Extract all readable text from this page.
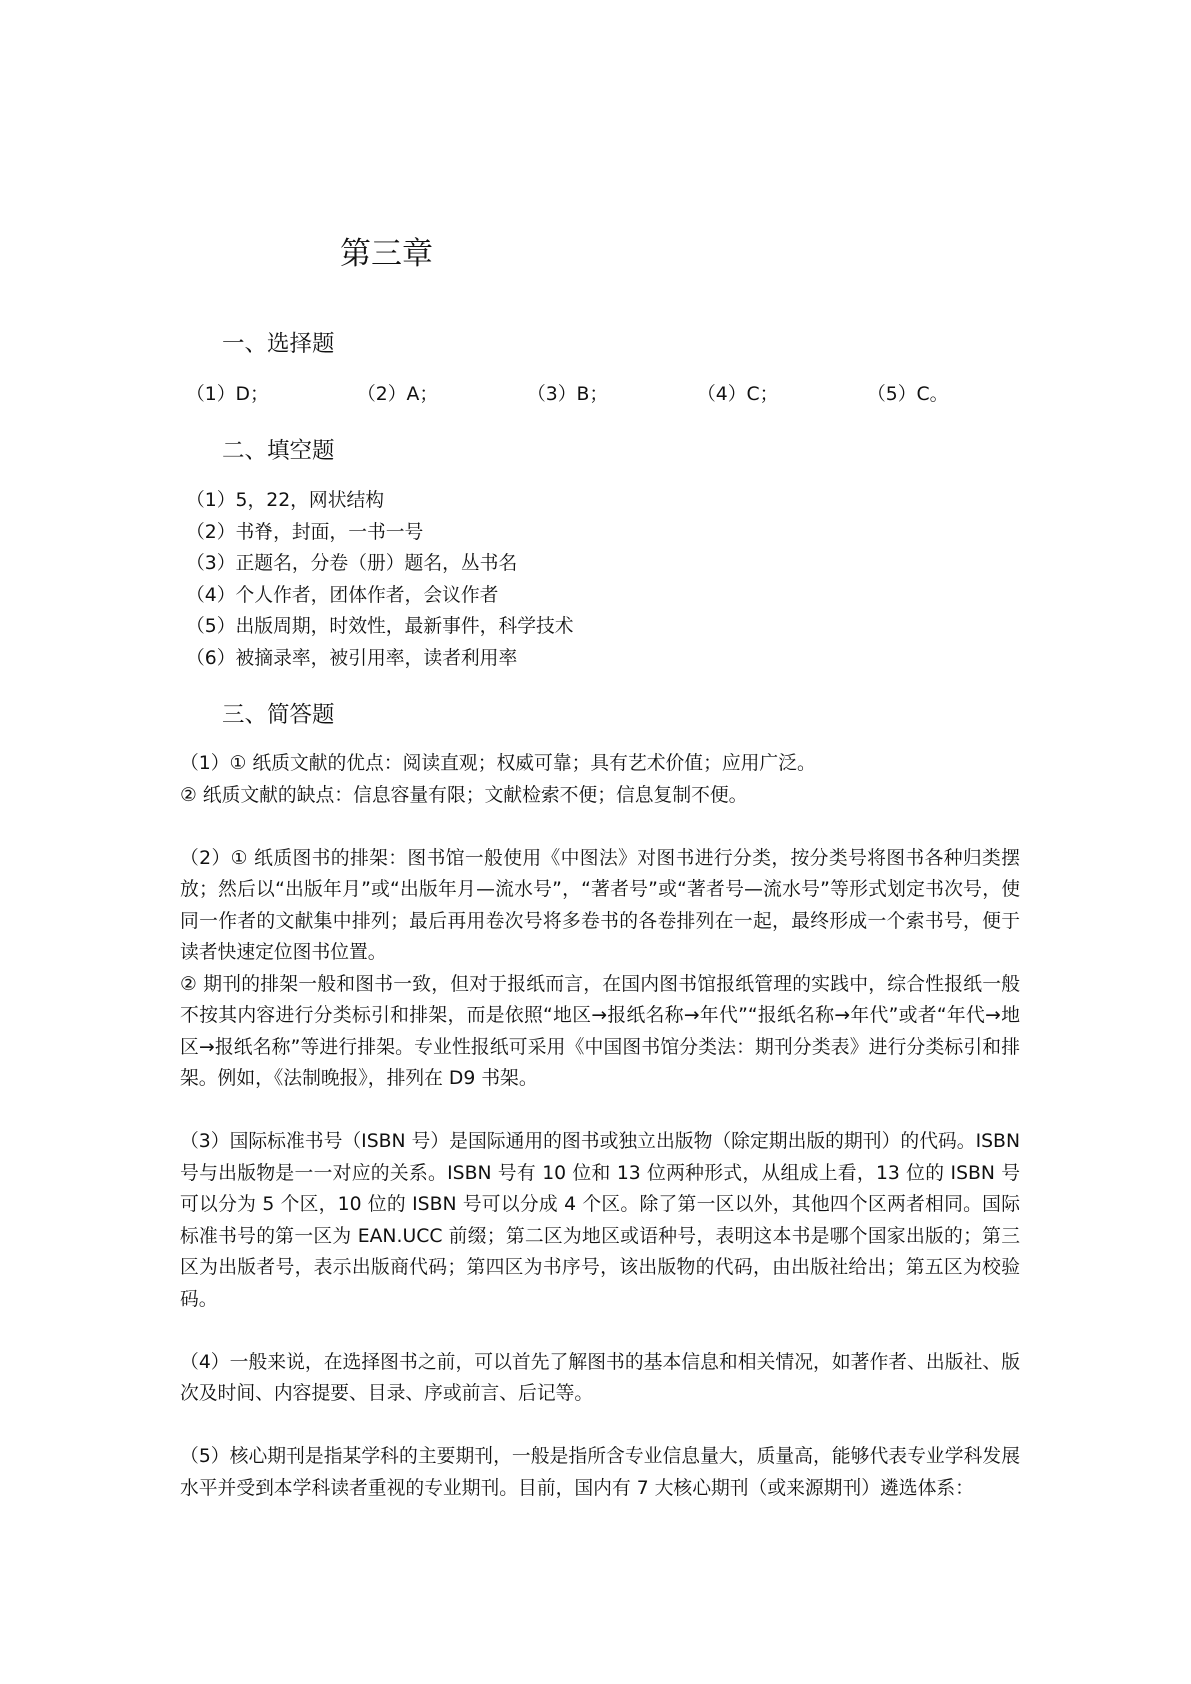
第三章
一、选择题
（1）D；	（2）A；	（3）B；	（4）C；	（5）C。
二、填空题
（1）5，22，网状结构
（2）书脊，封面，一书一号
（3）正题名，分卷（册）题名，丛书名
（4）个人作者，团体作者，会议作者
（5）出版周期，时效性，最新事件，科学技术
（6）被摘录率，被引用率，读者利用率
三、简答题
（1）① 纸质文献的优点：阅读直观；权威可靠；具有艺术价值；应用广泛。
② 纸质文献的缺点：信息容量有限；文献检索不便；信息复制不便。
（2）① 纸质图书的排架：图书馆一般使用《中图法》对图书进行分类，按分类号将图书各种归类摆放；然后以“出版年月”或“出版年月—流水号”，“著者号”或“著者号—流水号”等形式划定书次号，使同一作者的文献集中排列；最后再用卷次号将多卷书的各卷排列在一起，最终形成一个索书号，便于读者快速定位图书位置。
② 期刊的排架一般和图书一致，但对于报纸而言，在国内图书馆报纸管理的实践中，综合性报纸一般不按其内容进行分类标引和排架，而是依照“地区→报纸名称→年代”“报纸名称→年代”或者“年代→地区→报纸名称”等进行排架。专业性报纸可采用《中国图书馆分类法：期刊分类表》进行分类标引和排架。例如，《法制晚报》，排列在 D9 书架。
（3）国际标准书号（ISBN 号）是国际通用的图书或独立出版物（除定期出版的期刊）的代码。ISBN 号与出版物是一一对应的关系。ISBN 号有 10 位和 13 位两种形式，从组成上看，13 位的 ISBN 号可以分为 5 个区，10 位的 ISBN 号可以分成 4 个区。除了第一区以外，其他四个区两者相同。国际标准书号的第一区为 EAN.UCC 前缀；第二区为地区或语种号，表明这本书是哪个国家出版的；第三区为出版者号，表示出版商代码；第四区为书序号，该出版物的代码，由出版社给出；第五区为校验码。
（4）一般来说，在选择图书之前，可以首先了解图书的基本信息和相关情况，如著作者、出版社、版次及时间、内容提要、目录、序或前言、后记等。
（5）核心期刊是指某学科的主要期刊，一般是指所含专业信息量大，质量高，能够代表专业学科发展水平并受到本学科读者重视的专业期刊。目前，国内有 7 大核心期刊（或来源期刊）遴选体系：
